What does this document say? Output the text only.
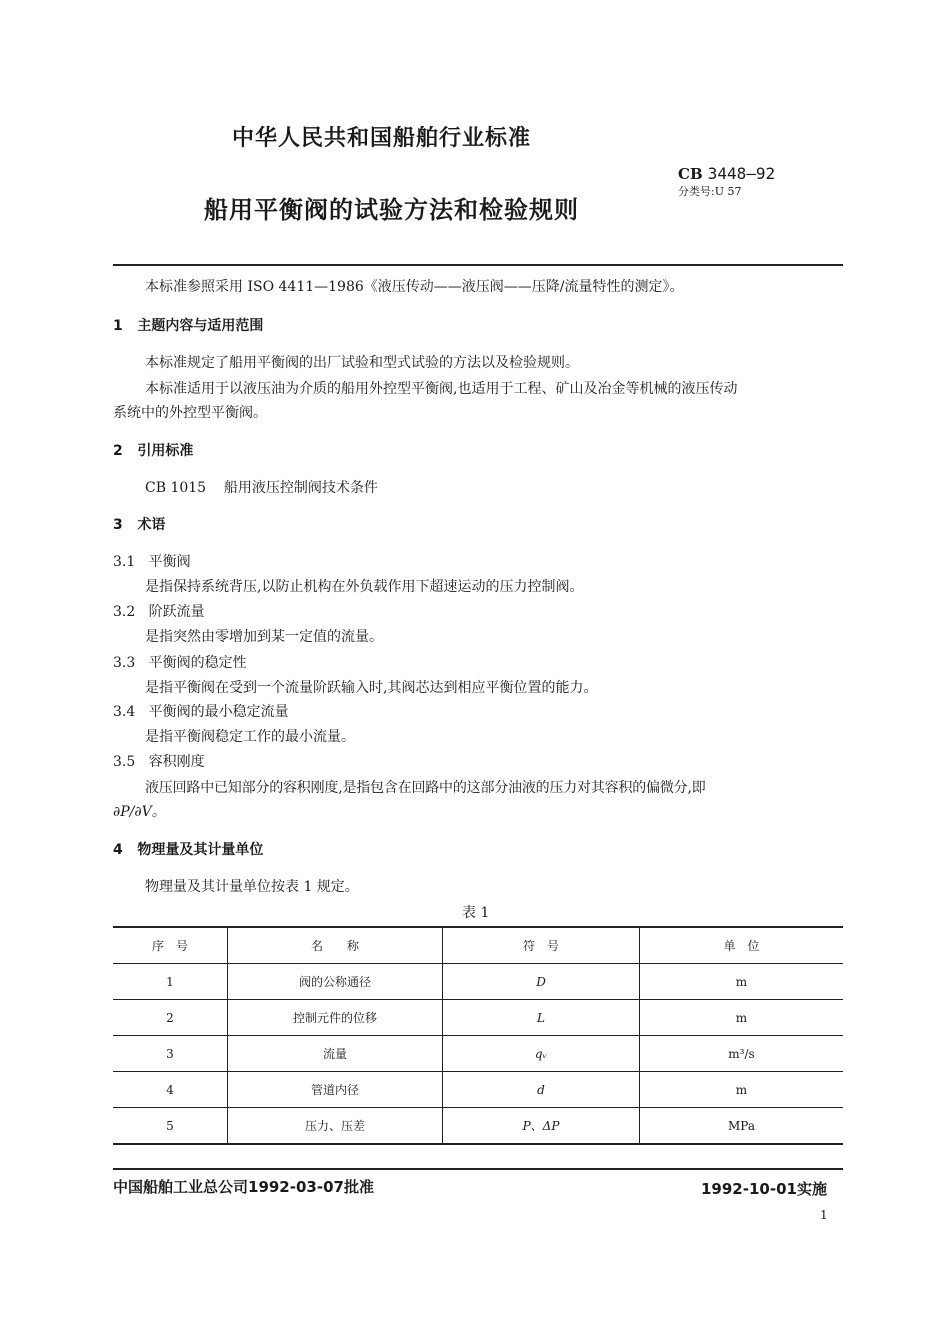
中华人民共和国船舶行业标准
CB 3448—92
分类号:U 57
船用平衡阀的试验方法和检验规则
本标准参照采用 ISO 4411—1986《液压传动——液压阀——压降/流量特性的测定》。
1 主题内容与适用范围
本标准规定了船用平衡阀的出厂试验和型式试验的方法以及检验规则。
本标准适用于以液压油为介质的船用外控型平衡阀,也适用于工程、矿山及冶金等机械的液压传动
系统中的外控型平衡阀。
2 引用标准
CB 1015 船用液压控制阀技术条件
3 术语
3.1 平衡阀
是指保持系统背压,以防止机构在外负载作用下超速运动的压力控制阀。
3.2 阶跃流量
是指突然由零增加到某一定值的流量。
3.3 平衡阀的稳定性
是指平衡阀在受到一个流量阶跃输入时,其阀芯达到相应平衡位置的能力。
3.4 平衡阀的最小稳定流量
是指平衡阀稳定工作的最小流量。
3.5 容积刚度
液压回路中已知部分的容积刚度,是指包含在回路中的这部分油液的压力对其容积的偏微分,即
∂P/∂V。
4 物理量及其计量单位
物理量及其计量单位按表 1 规定。
表 1
序　号	名　　称	符　号	单　位
1	阀的公称通径	D	m
2	控制元件的位移	L	m
3	流量	qᵥ	m³/s
4	管道内径	d	m
5	压力、压差	P、ΔP	MPa
中国船舶工业总公司1992-03-07批准	1992-10-01实施
1
